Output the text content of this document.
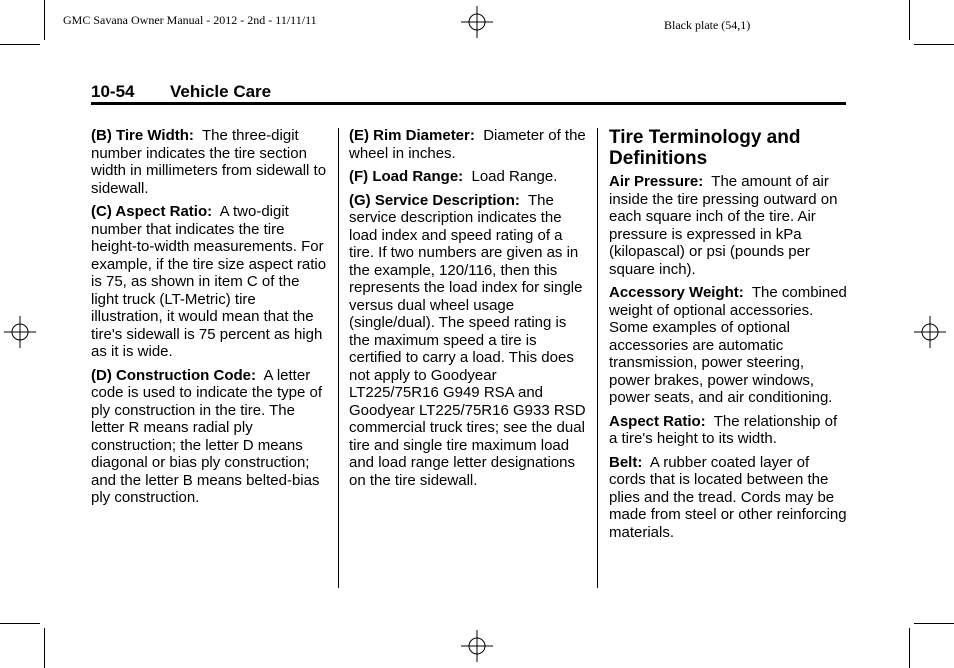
GMC Savana Owner Manual - 2012 - 2nd - 11/11/11	Black plate (54,1)
10-54 Vehicle Care

(B) Tire Width: The three-digit number indicates the tire section width in millimeters from sidewall to sidewall.

(C) Aspect Ratio: A two-digit number that indicates the tire height-to-width measurements. For example, if the tire size aspect ratio is 75, as shown in item C of the light truck (LT-Metric) tire illustration, it would mean that the tire's sidewall is 75 percent as high as it is wide.

(D) Construction Code: A letter code is used to indicate the type of ply construction in the tire. The letter R means radial ply construction; the letter D means diagonal or bias ply construction; and the letter B means belted-bias ply construction.

(E) Rim Diameter: Diameter of the wheel in inches.

(F) Load Range: Load Range.

(G) Service Description: The service description indicates the load index and speed rating of a tire. If two numbers are given as in the example, 120/116, then this represents the load index for single versus dual wheel usage (single/dual). The speed rating is the maximum speed a tire is certified to carry a load. This does not apply to Goodyear LT225/75R16 G949 RSA and Goodyear LT225/75R16 G933 RSD commercial truck tires; see the dual tire and single tire maximum load and load range letter designations on the tire sidewall.

Tire Terminology and Definitions

Air Pressure: The amount of air inside the tire pressing outward on each square inch of the tire. Air pressure is expressed in kPa (kilopascal) or psi (pounds per square inch).

Accessory Weight: The combined weight of optional accessories. Some examples of optional accessories are automatic transmission, power steering, power brakes, power windows, power seats, and air conditioning.

Aspect Ratio: The relationship of a tire's height to its width.

Belt: A rubber coated layer of cords that is located between the plies and the tread. Cords may be made from steel or other reinforcing materials.
